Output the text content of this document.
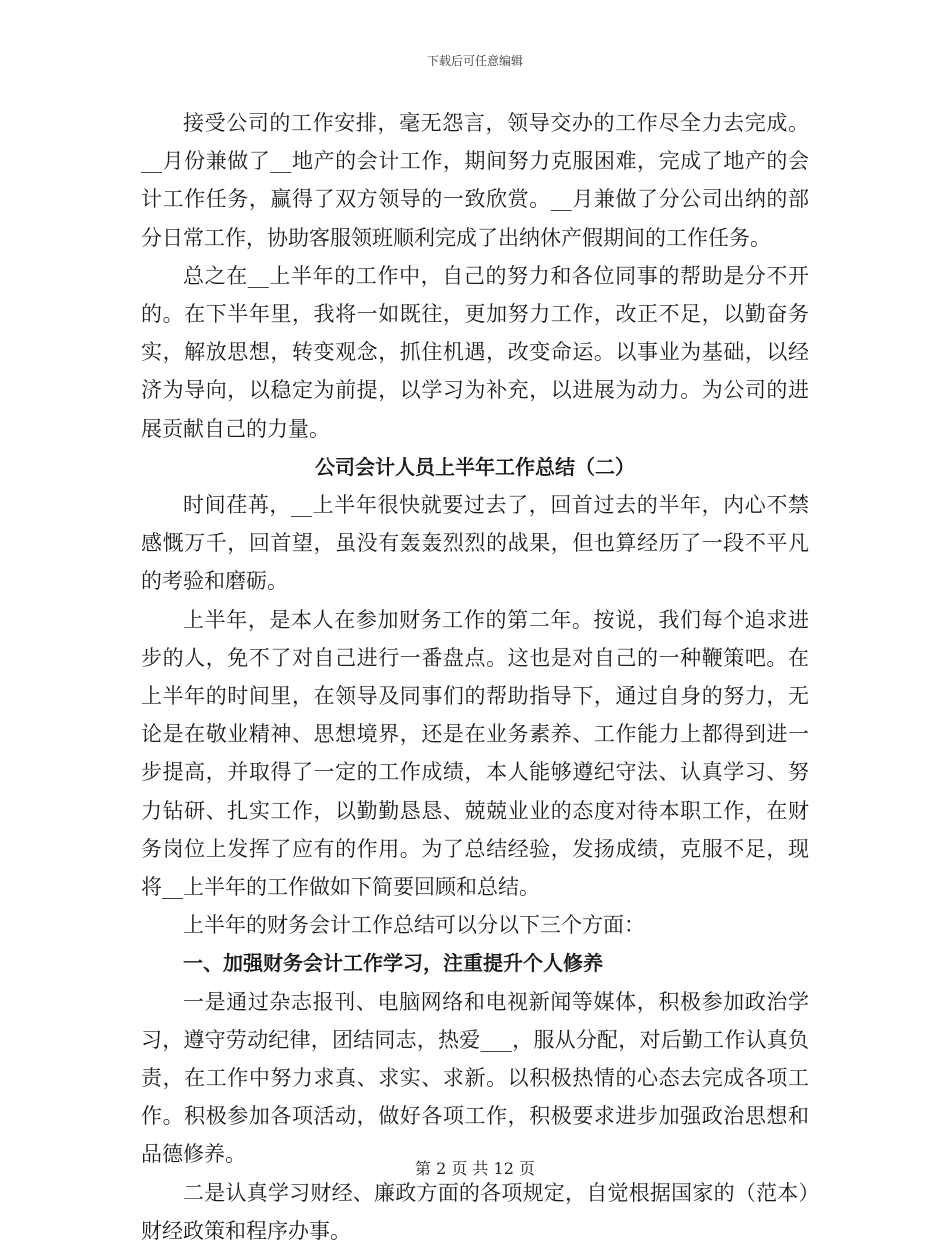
下载后可任意编辑

接受公司的工作安排，毫无怨言，领导交办的工作尽全力去完成。__月份兼做了__地产的会计工作，期间努力克服困难，完成了地产的会计工作任务，赢得了双方领导的一致欣赏。__月兼做了分公司出纳的部分日常工作，协助客服领班顺利完成了出纳休产假期间的工作任务。

总之在__上半年的工作中，自己的努力和各位同事的帮助是分不开的。在下半年里，我将一如既往，更加努力工作，改正不足，以勤奋务实，解放思想，转变观念，抓住机遇，改变命运。以事业为基础，以经济为导向，以稳定为前提，以学习为补充，以进展为动力。为公司的进展贡献自己的力量。

公司会计人员上半年工作总结（二）

时间荏苒，__上半年很快就要过去了，回首过去的半年，内心不禁感慨万千，回首望，虽没有轰轰烈烈的战果，但也算经历了一段不平凡的考验和磨砺。

上半年，是本人在参加财务工作的第二年。按说，我们每个追求进步的人，免不了对自己进行一番盘点。这也是对自己的一种鞭策吧。在上半年的时间里，在领导及同事们的帮助指导下，通过自身的努力，无论是在敬业精神、思想境界，还是在业务素养、工作能力上都得到进一步提高，并取得了一定的工作成绩，本人能够遵纪守法、认真学习、努力钻研、扎实工作，以勤勤恳恳、兢兢业业的态度对待本职工作，在财务岗位上发挥了应有的作用。为了总结经验，发扬成绩，克服不足，现将__上半年的工作做如下简要回顾和总结。

上半年的财务会计工作总结可以分以下三个方面：

一、加强财务会计工作学习，注重提升个人修养

一是通过杂志报刊、电脑网络和电视新闻等媒体，积极参加政治学习，遵守劳动纪律，团结同志，热爱___，服从分配，对后勤工作认真负责，在工作中努力求真、求实、求新。以积极热情的心态去完成各项工作。积极参加各项活动，做好各项工作，积极要求进步加强政治思想和品德修养。

二是认真学习财经、廉政方面的各项规定，自觉根据国家的（范本）财经政策和程序办事。

第 2 页 共 12 页
